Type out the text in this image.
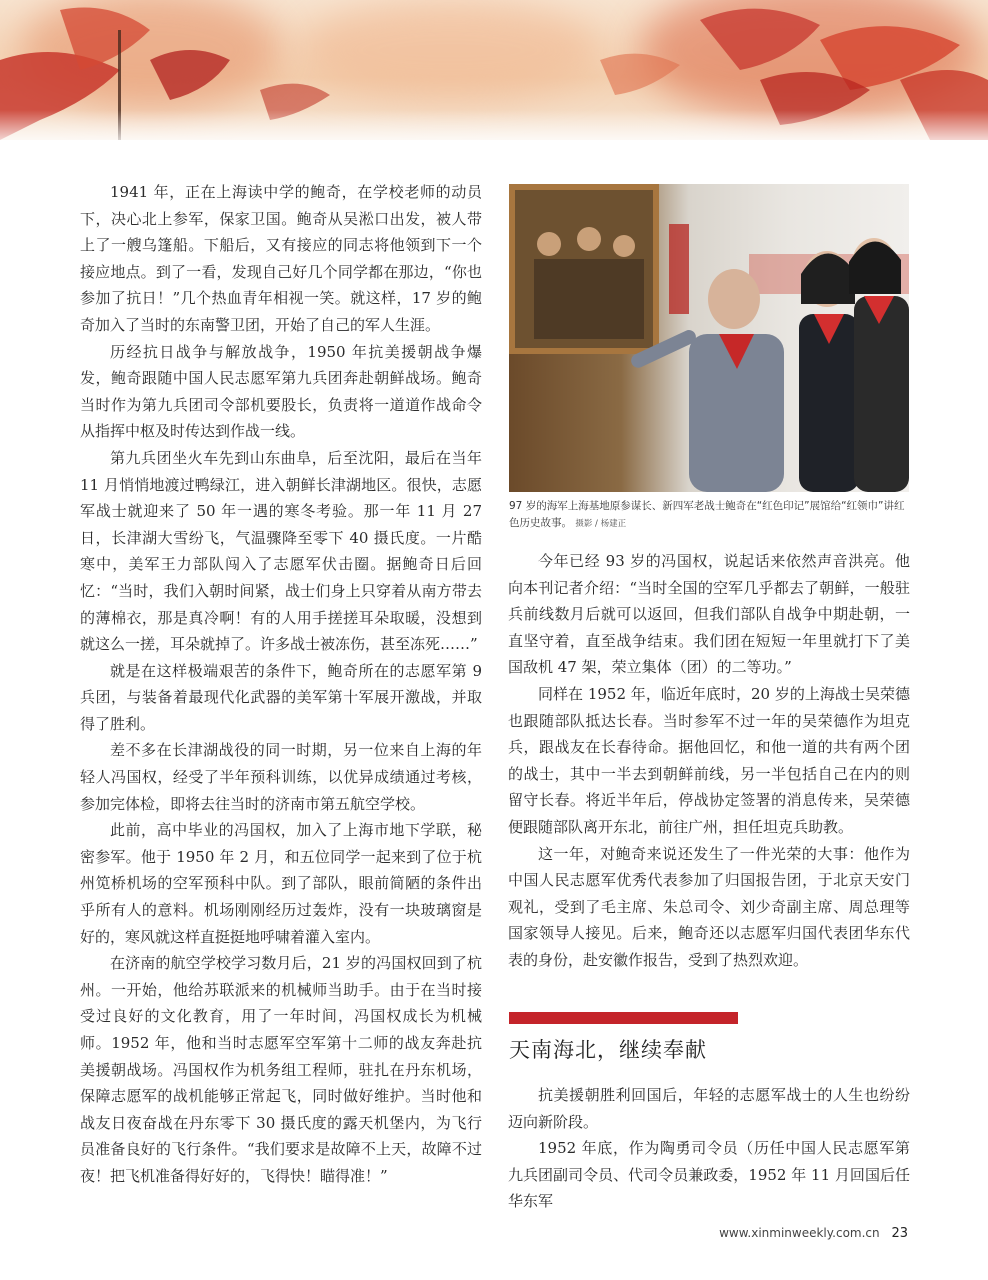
1941 年，正在上海读中学的鲍奇，在学校老师的动员下，决心北上参军，保家卫国。鲍奇从吴淞口出发，被人带上了一艘乌篷船。下船后，又有接应的同志将他领到下一个接应地点。到了一看，发现自己好几个同学都在那边，“你也参加了抗日！”几个热血青年相视一笑。就这样，17 岁的鲍奇加入了当时的东南警卫团，开始了自己的军人生涯。

历经抗日战争与解放战争，1950 年抗美援朝战争爆发，鲍奇跟随中国人民志愿军第九兵团奔赴朝鲜战场。鲍奇当时作为第九兵团司令部机要股长，负责将一道道作战命令从指挥中枢及时传达到作战一线。

第九兵团坐火车先到山东曲阜，后至沈阳，最后在当年 11 月悄悄地渡过鸭绿江，进入朝鲜长津湖地区。很快，志愿军战士就迎来了 50 年一遇的寒冬考验。那一年 11 月 27 日，长津湖大雪纷飞，气温骤降至零下 40 摄氏度。一片酷寒中，美军王力部队闯入了志愿军伏击圈。据鲍奇日后回忆：“当时，我们入朝时间紧，战士们身上只穿着从南方带去的薄棉衣，那是真冷啊！有的人用手搓搓耳朵取暖，没想到就这么一搓，耳朵就掉了。许多战士被冻伤，甚至冻死……”

就是在这样极端艰苦的条件下，鲍奇所在的志愿军第 9 兵团，与装备着最现代化武器的美军第十军展开激战，并取得了胜利。

差不多在长津湖战役的同一时期，另一位来自上海的年轻人冯国权，经受了半年预科训练，以优异成绩通过考核，参加完体检，即将去往当时的济南市第五航空学校。

此前，高中毕业的冯国权，加入了上海市地下学联，秘密参军。他于 1950 年 2 月，和五位同学一起来到了位于杭州笕桥机场的空军预科中队。到了部队，眼前简陋的条件出乎所有人的意料。机场刚刚经历过轰炸，没有一块玻璃窗是好的，寒风就这样直挺挺地呼啸着灌入室内。

在济南的航空学校学习数月后，21 岁的冯国权回到了杭州。一开始，他给苏联派来的机械师当助手。由于在当时接受过良好的文化教育，用了一年时间，冯国权成长为机械师。1952 年，他和当时志愿军空军第十二师的战友奔赴抗美援朝战场。冯国权作为机务组工程师，驻扎在丹东机场，保障志愿军的战机能够正常起飞，同时做好维护。当时他和战友日夜奋战在丹东零下 30 摄氏度的露天机堡内，为飞行员准备良好的飞行条件。“我们要求是故障不上天，故障不过夜！把飞机准备得好好的，飞得快！瞄得准！”

97 岁的海军上海基地原参谋长、新四军老战士鲍奇在“红色印记”展馆给“红领巾”讲红色历史故事。 摄影 / 杨建正

今年已经 93 岁的冯国权，说起话来依然声音洪亮。他向本刊记者介绍：“当时全国的空军几乎都去了朝鲜，一般驻兵前线数月后就可以返回，但我们部队自战争中期赴朝，一直坚守着，直至战争结束。我们团在短短一年里就打下了美国敌机 47 架，荣立集体（团）的二等功。”

同样在 1952 年，临近年底时，20 岁的上海战士吴荣德也跟随部队抵达长春。当时参军不过一年的吴荣德作为坦克兵，跟战友在长春待命。据他回忆，和他一道的共有两个团的战士，其中一半去到朝鲜前线，另一半包括自己在内的则留守长春。将近半年后，停战协定签署的消息传来，吴荣德便跟随部队离开东北，前往广州，担任坦克兵助教。

这一年，对鲍奇来说还发生了一件光荣的大事：他作为中国人民志愿军优秀代表参加了归国报告团，于北京天安门观礼，受到了毛主席、朱总司令、刘少奇副主席、周总理等国家领导人接见。后来，鲍奇还以志愿军归国代表团华东代表的身份，赴安徽作报告，受到了热烈欢迎。

天南海北，继续奉献

抗美援朝胜利回国后，年轻的志愿军战士的人生也纷纷迈向新阶段。

1952 年底，作为陶勇司令员（历任中国人民志愿军第九兵团副司令员、代司令员兼政委，1952 年 11 月回国后任华东军

www.xinminweekly.com.cn 23
